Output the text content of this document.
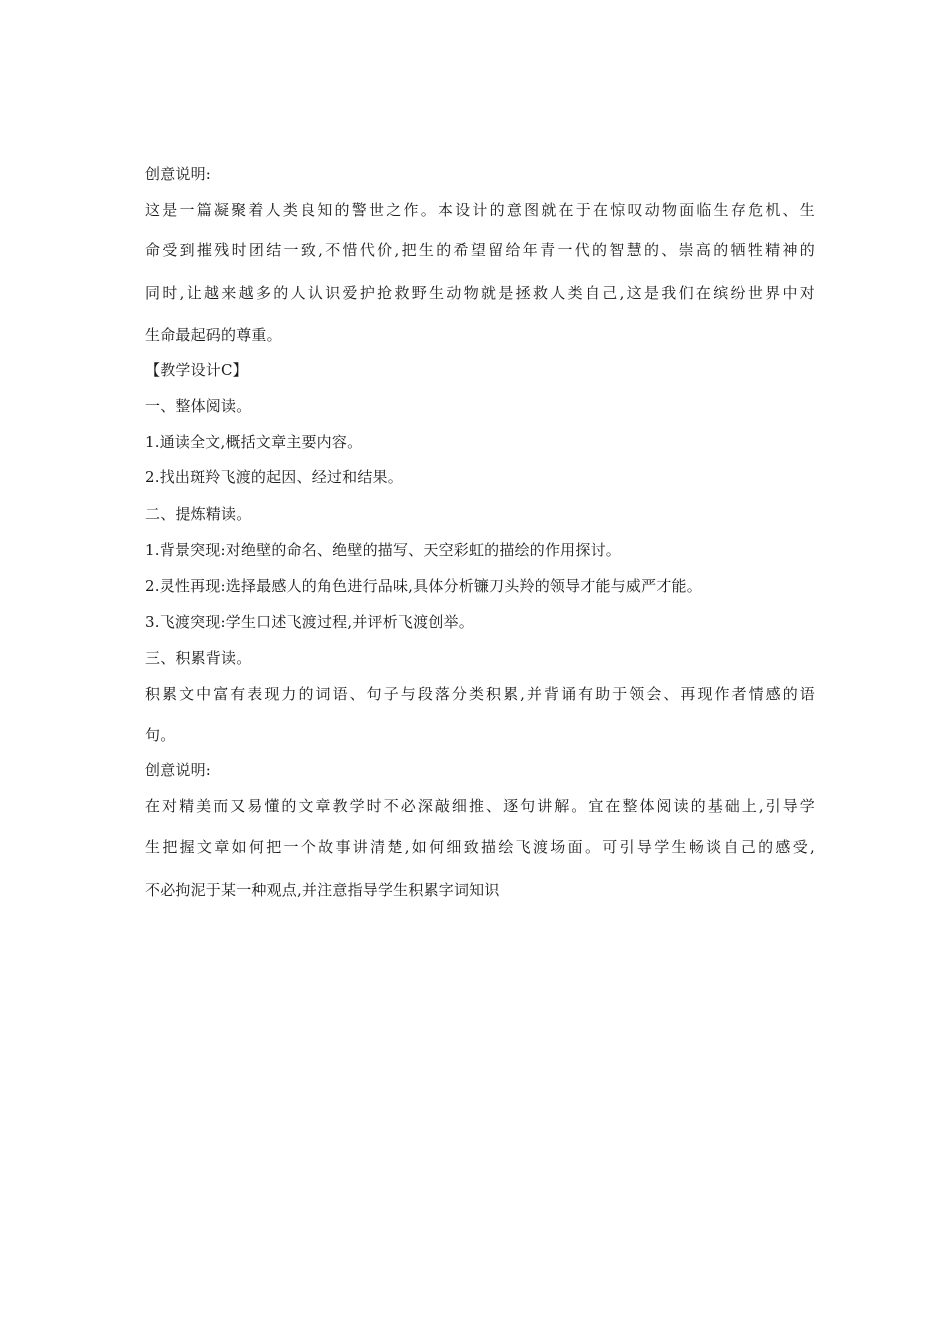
创意说明:
这是一篇凝聚着人类良知的警世之作。本设计的意图就在于在惊叹动物面临生存危机、生
命受到摧残时团结一致,不惜代价,把生的希望留给年青一代的智慧的、崇高的牺牲精神的
同时,让越来越多的人认识爱护抢救野生动物就是拯救人类自己,这是我们在缤纷世界中对
生命最起码的尊重。
【教学设计C】
一、整体阅读。
1.通读全文,概括文章主要内容。
2.找出斑羚飞渡的起因、经过和结果。
二、提炼精读。
1.背景突现:对绝壁的命名、绝壁的描写、天空彩虹的描绘的作用探讨。
2.灵性再现:选择最感人的角色进行品味,具体分析镰刀头羚的领导才能与威严才能。
3.飞渡突现:学生口述飞渡过程,并评析飞渡创举。
三、积累背读。
积累文中富有表现力的词语、句子与段落分类积累,并背诵有助于领会、再现作者情感的语
句。
创意说明:
在对精美而又易懂的文章教学时不必深敲细推、逐句讲解。宜在整体阅读的基础上,引导学
生把握文章如何把一个故事讲清楚,如何细致描绘飞渡场面。可引导学生畅谈自己的感受,
不必拘泥于某一种观点,并注意指导学生积累字词知识
